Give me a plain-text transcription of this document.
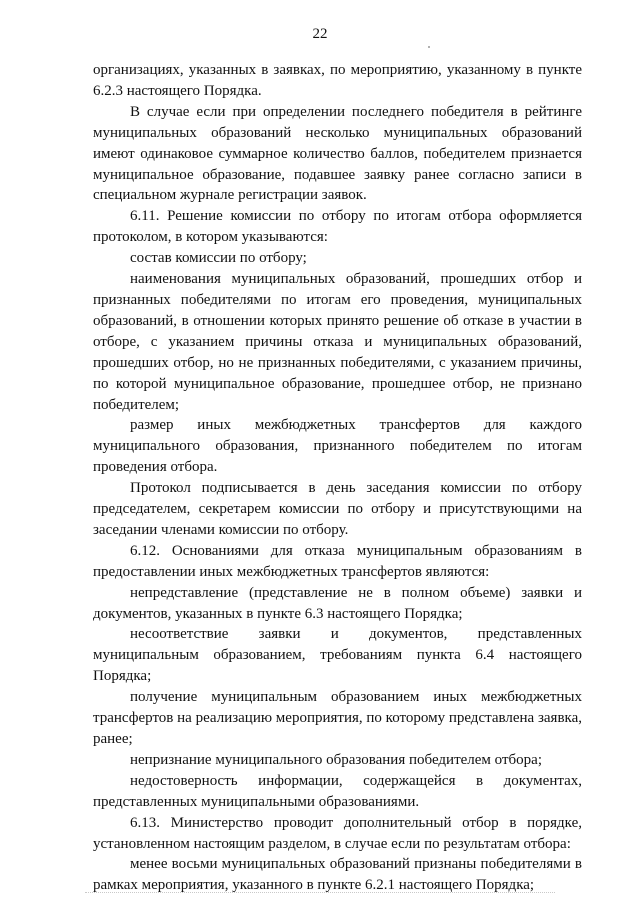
22

организациях, указанных в заявках, по мероприятию, указанному в пункте 6.2.3 настоящего Порядка.

В случае если при определении последнего победителя в рейтинге муниципальных образований несколько муниципальных образований имеют одинаковое суммарное количество баллов, победителем признается муниципальное образование, подавшее заявку ранее согласно записи в специальном журнале регистрации заявок.

6.11. Решение комиссии по отбору по итогам отбора оформляется протоколом, в котором указываются:

состав комиссии по отбору;

наименования муниципальных образований, прошедших отбор и признанных победителями по итогам его проведения, муниципальных образований, в отношении которых принято решение об отказе в участии в отборе, с указанием причины отказа и муниципальных образований, прошедших отбор, но не признанных победителями, с указанием причины, по которой муниципальное образование, прошедшее отбор, не признано победителем;

размер иных межбюджетных трансфертов для каждого муниципального образования, признанного победителем по итогам проведения отбора.

Протокол подписывается в день заседания комиссии по отбору председателем, секретарем комиссии по отбору и присутствующими на заседании членами комиссии по отбору.

6.12. Основаниями для отказа муниципальным образованиям в предоставлении иных межбюджетных трансфертов являются:

непредставление (представление не в полном объеме) заявки и документов, указанных в пункте 6.3 настоящего Порядка;

несоответствие заявки и документов, представленных муниципальным образованием, требованиям пункта 6.4 настоящего Порядка;

получение муниципальным образованием иных межбюджетных трансфертов на реализацию мероприятия, по которому представлена заявка, ранее;

непризнание муниципального образования победителем отбора;

недостоверность информации, содержащейся в документах, представленных муниципальными образованиями.

6.13. Министерство проводит дополнительный отбор в порядке, установленном настоящим разделом, в случае если по результатам отбора:

менее восьми муниципальных образований признаны победителями в рамках мероприятия, указанного в пункте 6.2.1 настоящего Порядка;
